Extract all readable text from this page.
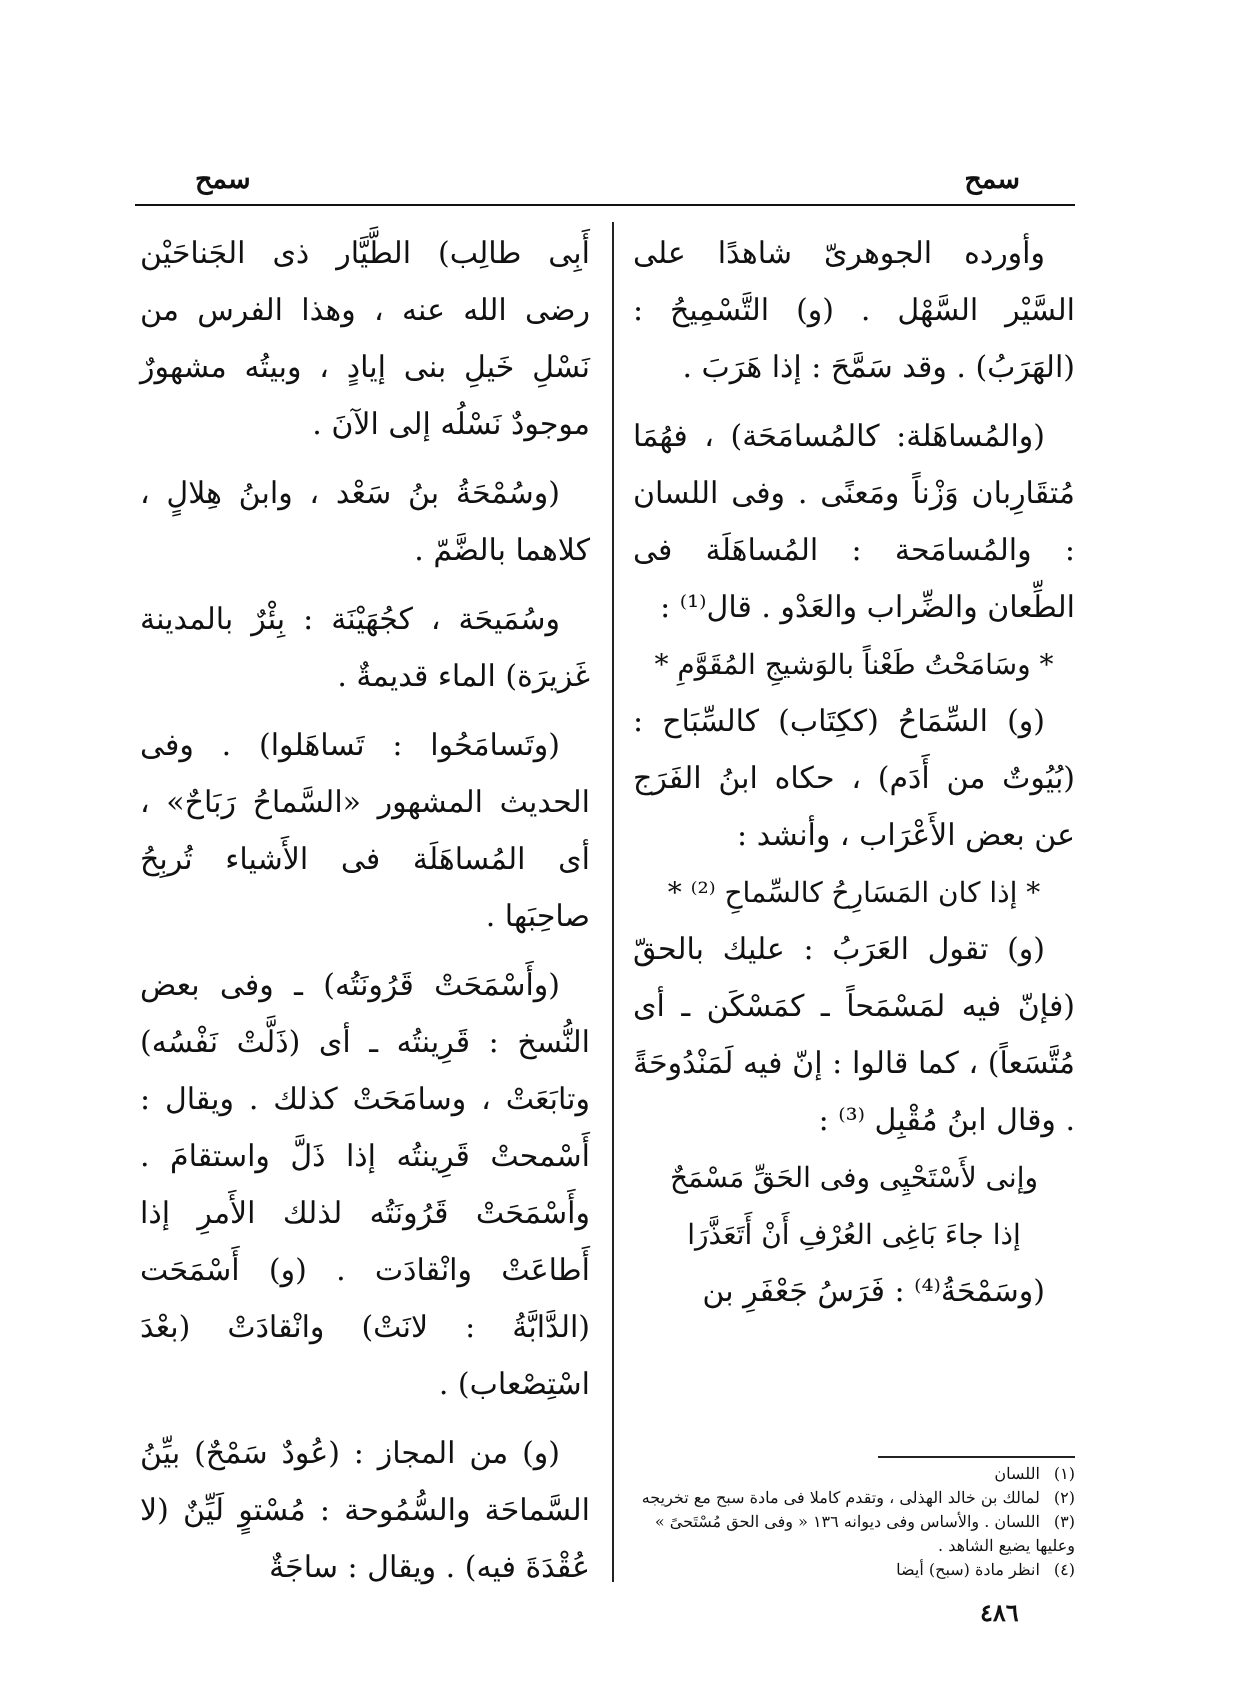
سمح
سمح

وأورده الجوهرىّ شاهدًا على السَّيْر السَّهْل . (و) التَّسْمِيحُ : (الهَرَبُ) . وقد سَمَّحَ : إذا هَرَبَ .

(والمُساهَلة: كالمُسامَحَة) ، فهُمَا مُتقَارِبان وَزْناً ومَعنًى . وفى اللسان : والمُسامَحة : المُساهَلَة فى الطِّعان والضِّراب والعَدْو . قال⁽¹⁾ :

* وسَامَحْتُ طَعْناً بالوَشيجِ المُقَوَّمِ *

(و) السِّمَاحُ (ككِتَاب) كالسِّبَاح : (بُيُوتٌ من أَدَم) ، حكاه ابنُ الفَرَج عن بعض الأَعْرَاب ، وأنشد :

* إذا كان المَسَارِحُ كالسِّماحِ ⁽²⁾ *

(و) تقول العَرَبُ : عليك بالحقّ (فإنّ فيه لمَسْمَحاً ـ كمَسْكَن ـ أى مُتَّسَعاً) ، كما قالوا : إنّ فيه لَمَنْدُوحَةً . وقال ابنُ مُقْبِل ⁽³⁾ :

وإنى لأَسْتَحْيِى وفى الحَقِّ مَسْمَحٌ

إذا جاءَ بَاغِى العُرْفِ أَنْ أَتَعَذَّرَا

(وسَمْحَةُ⁽⁴⁾ : فَرَسُ جَعْفَرِ بن

أَبِى طالِب) الطَّيَّار ذى الجَناحَيْن رضى الله عنه ، وهذا الفرس من نَسْلِ خَيلِ بنى إيادٍ ، وبيتُه مشهورٌ موجودٌ نَسْلُه إلى الآنَ .

(وسُمْحَةُ بنُ سَعْد ، وابنُ هِلالٍ ، كلاهما بالضَّمّ .

وسُمَيحَة ، كجُهَيْنَة : بِئْرٌ بالمدينة غَزيرَة) الماء قديمةٌ .

(وتَسامَحُوا : تَساهَلوا) . وفى الحديث المشهور «السَّماحُ رَبَاحٌ» ، أى المُساهَلَة فى الأَشياء تُربِحُ صاحِبَها .

(وأَسْمَحَتْ قَرُونَتُه) ـ وفى بعض النُّسخ : قَرِينتُه ـ أى (ذَلَّتْ نَفْسُه) وتابَعَتْ ، وسامَحَتْ كذلك . ويقال : أَسْمحتْ قَرِينتُه إذا ذَلَّ واستقامَ . وأَسْمَحَتْ قَرُونَتُه لذلك الأَمرِ إذا أَطاعَتْ وانْقادَت . (و) أَسْمَحَت (الدَّابَّةُ : لانَتْ) وانْقادَتْ (بعْدَ اسْتِصْعاب) .

(و) من المجاز : (عُودٌ سَمْحٌ) بيِّنُ السَّماحَة والسُّمُوحة : مُسْتوٍ لَيِّنٌ (لا عُقْدَةَ فيه) . ويقال : ساجَةٌ

(١) اللسان

(٢) لمالك بن خالد الهذلى ، وتقدم كاملا فى مادة سبح مع تخريجه

(٣) اللسان . والأساس وفى ديوانه ١٣٦ « وفى الحق مُسْتَحىً » وعليها يضيع الشاهد .

(٤) انظر مادة (سبح) أيضا

٤٨٦
